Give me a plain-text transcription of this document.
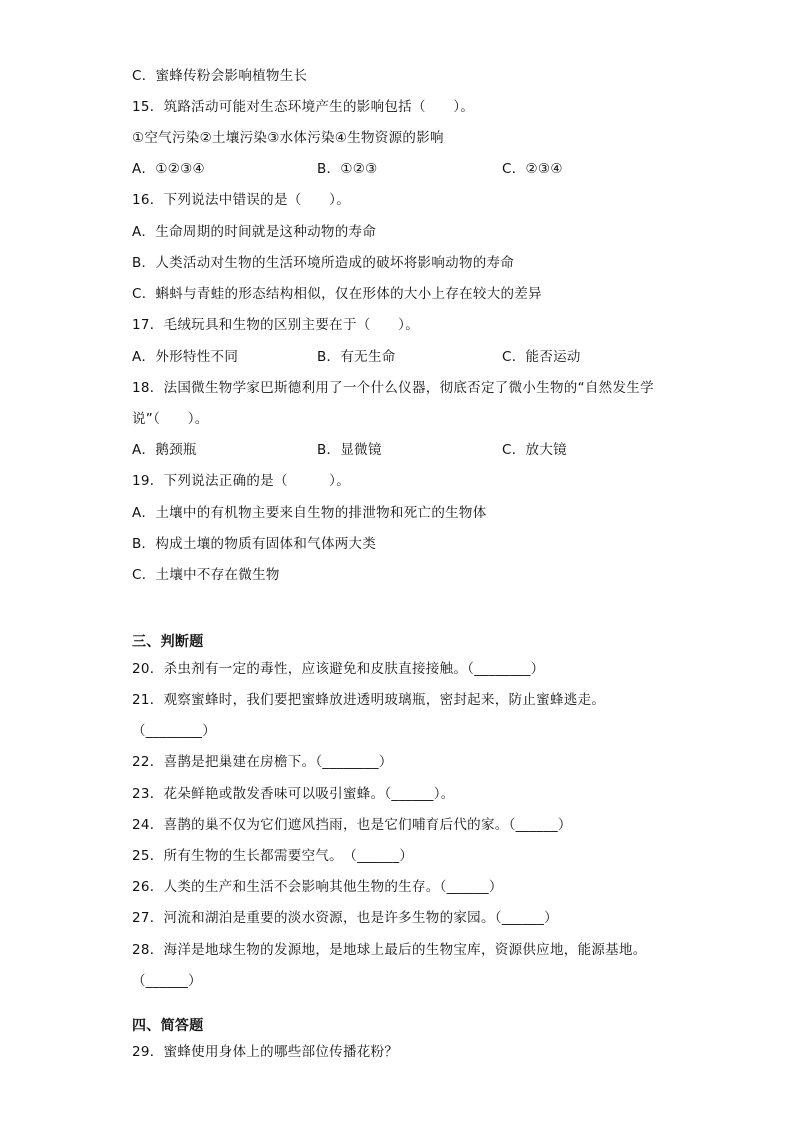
C．蜜蜂传粉会影响植物生长
15．筑路活动可能对生态环境产生的影响包括（　　）。
①空气污染②土壤污染③水体污染④生物资源的影响
A．①②③④	B．①②③	C．②③④
16．下列说法中错误的是（　　）。
A．生命周期的时间就是这种动物的寿命
B．人类活动对生物的生活环境所造成的破坏将影响动物的寿命
C．蝌蚪与青蛙的形态结构相似，仅在形体的大小上存在较大的差异
17．毛绒玩具和生物的区别主要在于（　　）。
A．外形特性不同	B．有无生命	C．能否运动
18．法国微生物学家巴斯德利用了一个什么仪器，彻底否定了微小生物的“自然发生学
说”（　　）。
A．鹅颈瓶	B．显微镜	C．放大镜
19．下列说法正确的是（　　　）。
A．土壤中的有机物主要来自生物的排泄物和死亡的生物体
B．构成土壤的物质有固体和气体两大类
C．土壤中不存在微生物
三、判断题
20．杀虫剂有一定的毒性，应该避免和皮肤直接接触。（________）
21．观察蜜蜂时，我们要把蜜蜂放进透明玻璃瓶，密封起来，防止蜜蜂逃走。
（________）
22．喜鹊是把巢建在房檐下。（________）
23．花朵鲜艳或散发香味可以吸引蜜蜂。（______）。
24．喜鹊的巢不仅为它们遮风挡雨，也是它们哺育后代的家。（______）
25．所有生物的生长都需要空气。　（______）
26．人类的生产和生活不会影响其他生物的生存。（______）
27．河流和湖泊是重要的淡水资源，也是许多生物的家园。（______）
28．海洋是地球生物的发源地，是地球上最后的生物宝库，资源供应地，能源基地。
（______）
四、简答题
29．蜜蜂使用身体上的哪些部位传播花粉？
